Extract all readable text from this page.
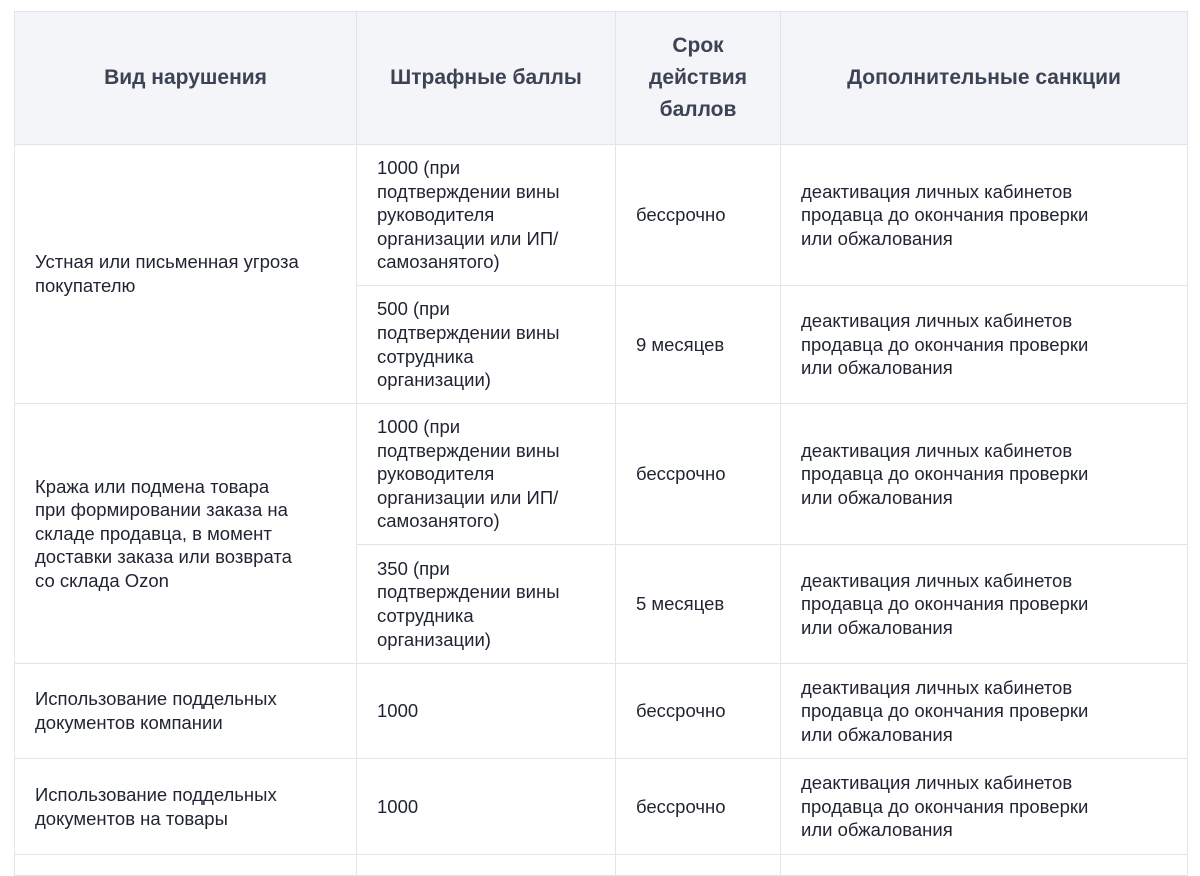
Вид нарушения	Штрафные баллы	Срок
действия
баллов	Дополнительные санкции

Устная или письменная угроза
покупателю	1000 (при
подтверждении вины
руководителя
организации или ИП/
самозанятого)	бессрочно	деактивация личных кабинетов
продавца до окончания проверки
или обжалования

	500 (при
подтверждении вины
сотрудника
организации)	9 месяцев	деактивация личных кабинетов
продавца до окончания проверки
или обжалования

Кража или подмена товара
при формировании заказа на
складе продавца, в момент
доставки заказа или возврата
со склада Ozon	1000 (при
подтверждении вины
руководителя
организации или ИП/
самозанятого)	бессрочно	деактивация личных кабинетов
продавца до окончания проверки
или обжалования

	350 (при
подтверждении вины
сотрудника
организации)	5 месяцев	деактивация личных кабинетов
продавца до окончания проверки
или обжалования

Использование поддельных
документов компании	1000	бессрочно	деактивация личных кабинетов
продавца до окончания проверки
или обжалования

Использование поддельных
документов на товары	1000	бессрочно	деактивация личных кабинетов
продавца до окончания проверки
или обжалования
